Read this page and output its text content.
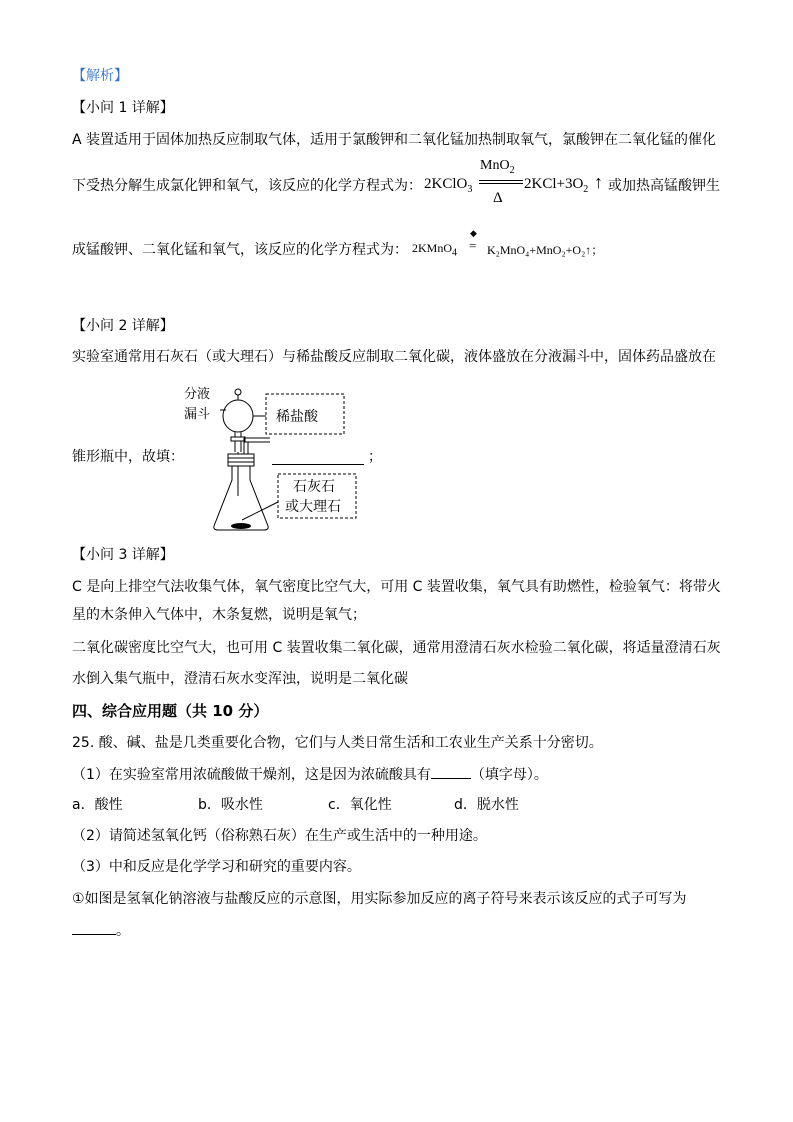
【解析】
【小问 1 详解】
A 装置适用于固体加热反应制取气体，适用于氯酸钾和二氧化锰加热制取氧气，氯酸钾在二氧化锰的催化
下受热分解生成氯化钾和氧气，该反应的化学方程式为： 2KClO$_3$
MnO$_2$
Δ
$2KCl+3O_2$ ↑ 或加热高锰酸钾生
成锰酸钾、二氧化锰和氧气，该反应的化学方程式为： 2KMnO$_4$
◆
= K₂MnO₄+MnO₂+O₂↑；
【小问 2 详解】
实验室通常用石灰石（或大理石）与稀盐酸反应制取二氧化碳，液体盛放在分液漏斗中，固体药品盛放在
锥形瓶中，故填：	；
分液
漏斗	稀盐酸
石灰石
或大理石
【小问 3 详解】
C 是向上排空气法收集气体，氧气密度比空气大，可用 C 装置收集，氧气具有助燃性，检验氧气：将带火
星的木条伸入气体中，木条复燃，说明是氧气；
二氧化碳密度比空气大，也可用 C 装置收集二氧化碳，通常用澄清石灰水检验二氧化碳，将适量澄清石灰
水倒入集气瓶中，澄清石灰水变浑浊，说明是二氧化碳
四、综合应用题（共 10 分）
25. 酸、碱、盐是几类重要化合物，它们与人类日常生活和工农业生产关系十分密切。
（1）在实验室常用浓硫酸做干燥剂，这是因为浓硫酸具有	（填字母）。
a．酸性	b．吸水性	c．氧化性	d．脱水性
（2）请简述氢氧化钙（俗称熟石灰）在生产或生活中的一种用途。
（3）中和反应是化学学习和研究的重要内容。
①如图是氢氧化钠溶液与盐酸反应的示意图，用实际参加反应的离子符号来表示该反应的式子可写为
。
